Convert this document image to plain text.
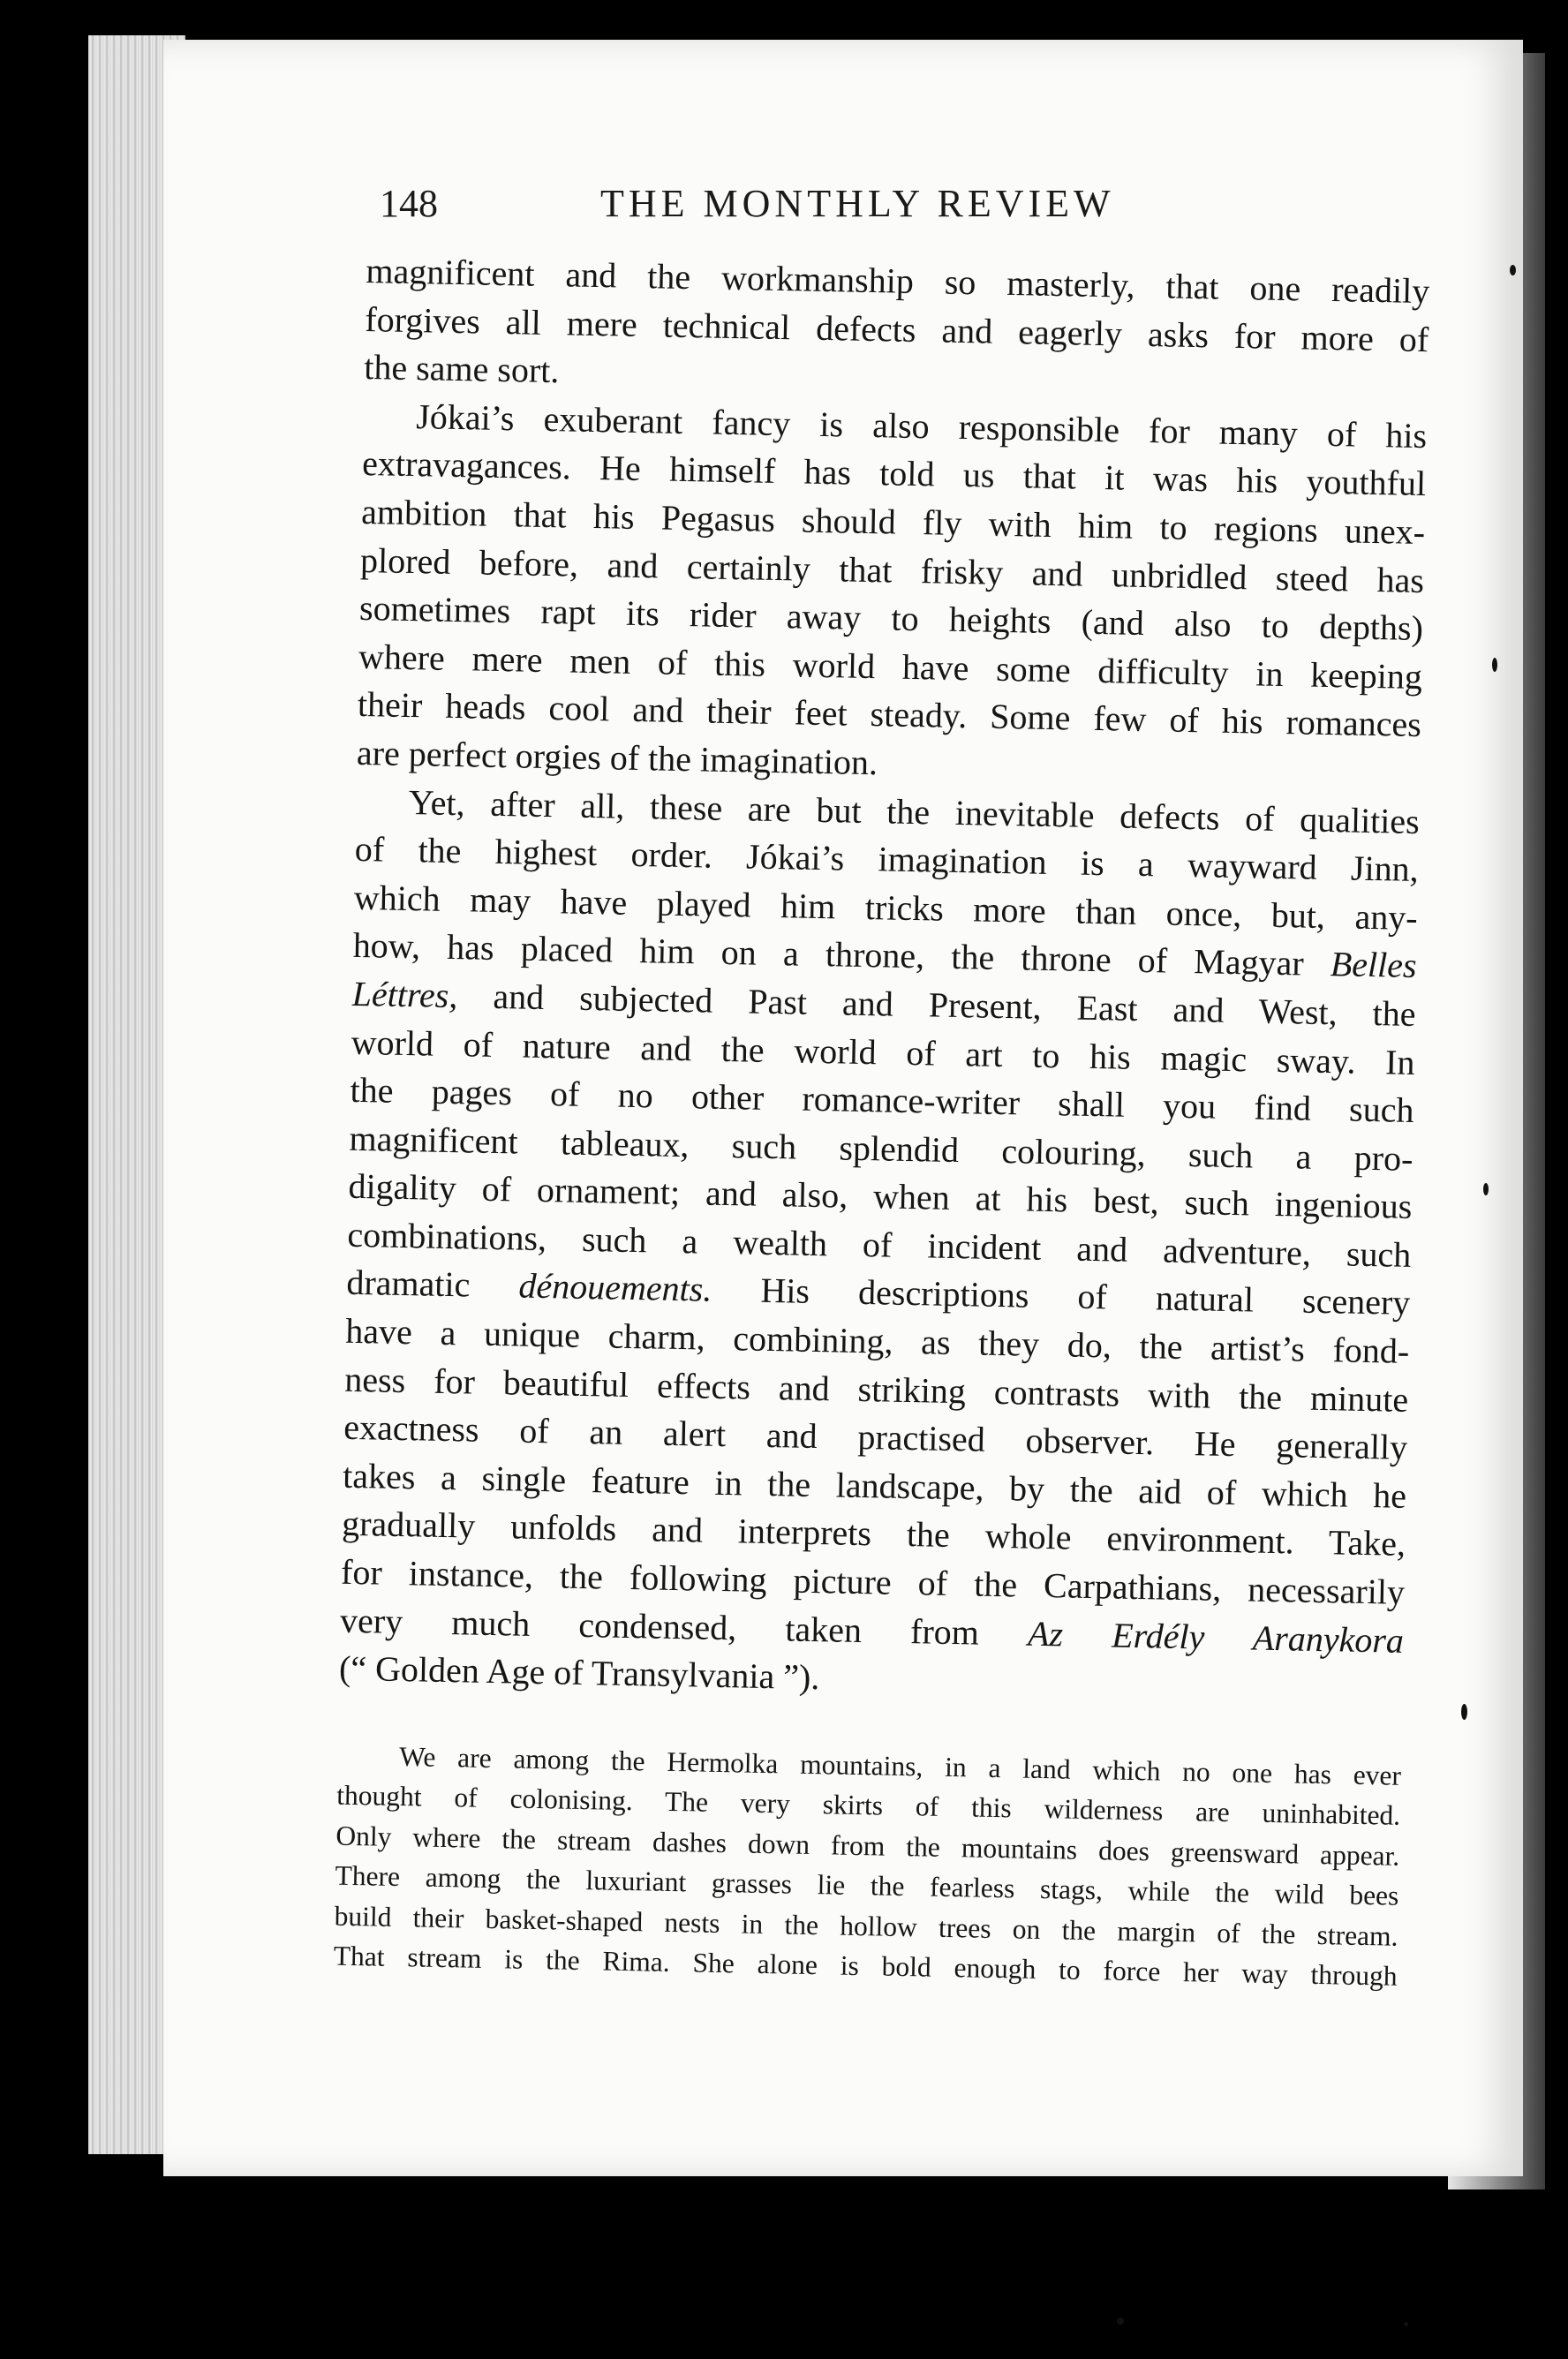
148	THE MONTHLY REVIEW

magnificent and the workmanship so masterly, that one readily
forgives all mere technical defects and eagerly asks for more of
the same sort.

Jókai’s exuberant fancy is also responsible for many of his
extravagances. He himself has told us that it was his youthful
ambition that his Pegasus should fly with him to regions unex-
plored before, and certainly that frisky and unbridled steed has
sometimes rapt its rider away to heights (and also to depths)
where mere men of this world have some difficulty in keeping
their heads cool and their feet steady. Some few of his romances
are perfect orgies of the imagination.

Yet, after all, these are but the inevitable defects of qualities
of the highest order. Jókai’s imagination is a wayward Jinn,
which may have played him tricks more than once, but, any-
how, has placed him on a throne, the throne of Magyar Belles
Léttres, and subjected Past and Present, East and West, the
world of nature and the world of art to his magic sway. In
the pages of no other romance-writer shall you find such
magnificent tableaux, such splendid colouring, such a pro-
digality of ornament; and also, when at his best, such ingenious
combinations, such a wealth of incident and adventure, such
dramatic dénouements. His descriptions of natural scenery
have a unique charm, combining, as they do, the artist’s fond-
ness for beautiful effects and striking contrasts with the minute
exactness of an alert and practised observer. He generally
takes a single feature in the landscape, by the aid of which he
gradually unfolds and interprets the whole environment. Take,
for instance, the following picture of the Carpathians, necessarily
very much condensed, taken from Az Erdély Aranykora
(“ Golden Age of Transylvania ”).

We are among the Hermolka mountains, in a land which no one has ever
thought of colonising. The very skirts of this wilderness are uninhabited.
Only where the stream dashes down from the mountains does greensward appear.
There among the luxuriant grasses lie the fearless stags, while the wild bees
build their basket-shaped nests in the hollow trees on the margin of the stream.
That stream is the Rima. She alone is bold enough to force her way through
